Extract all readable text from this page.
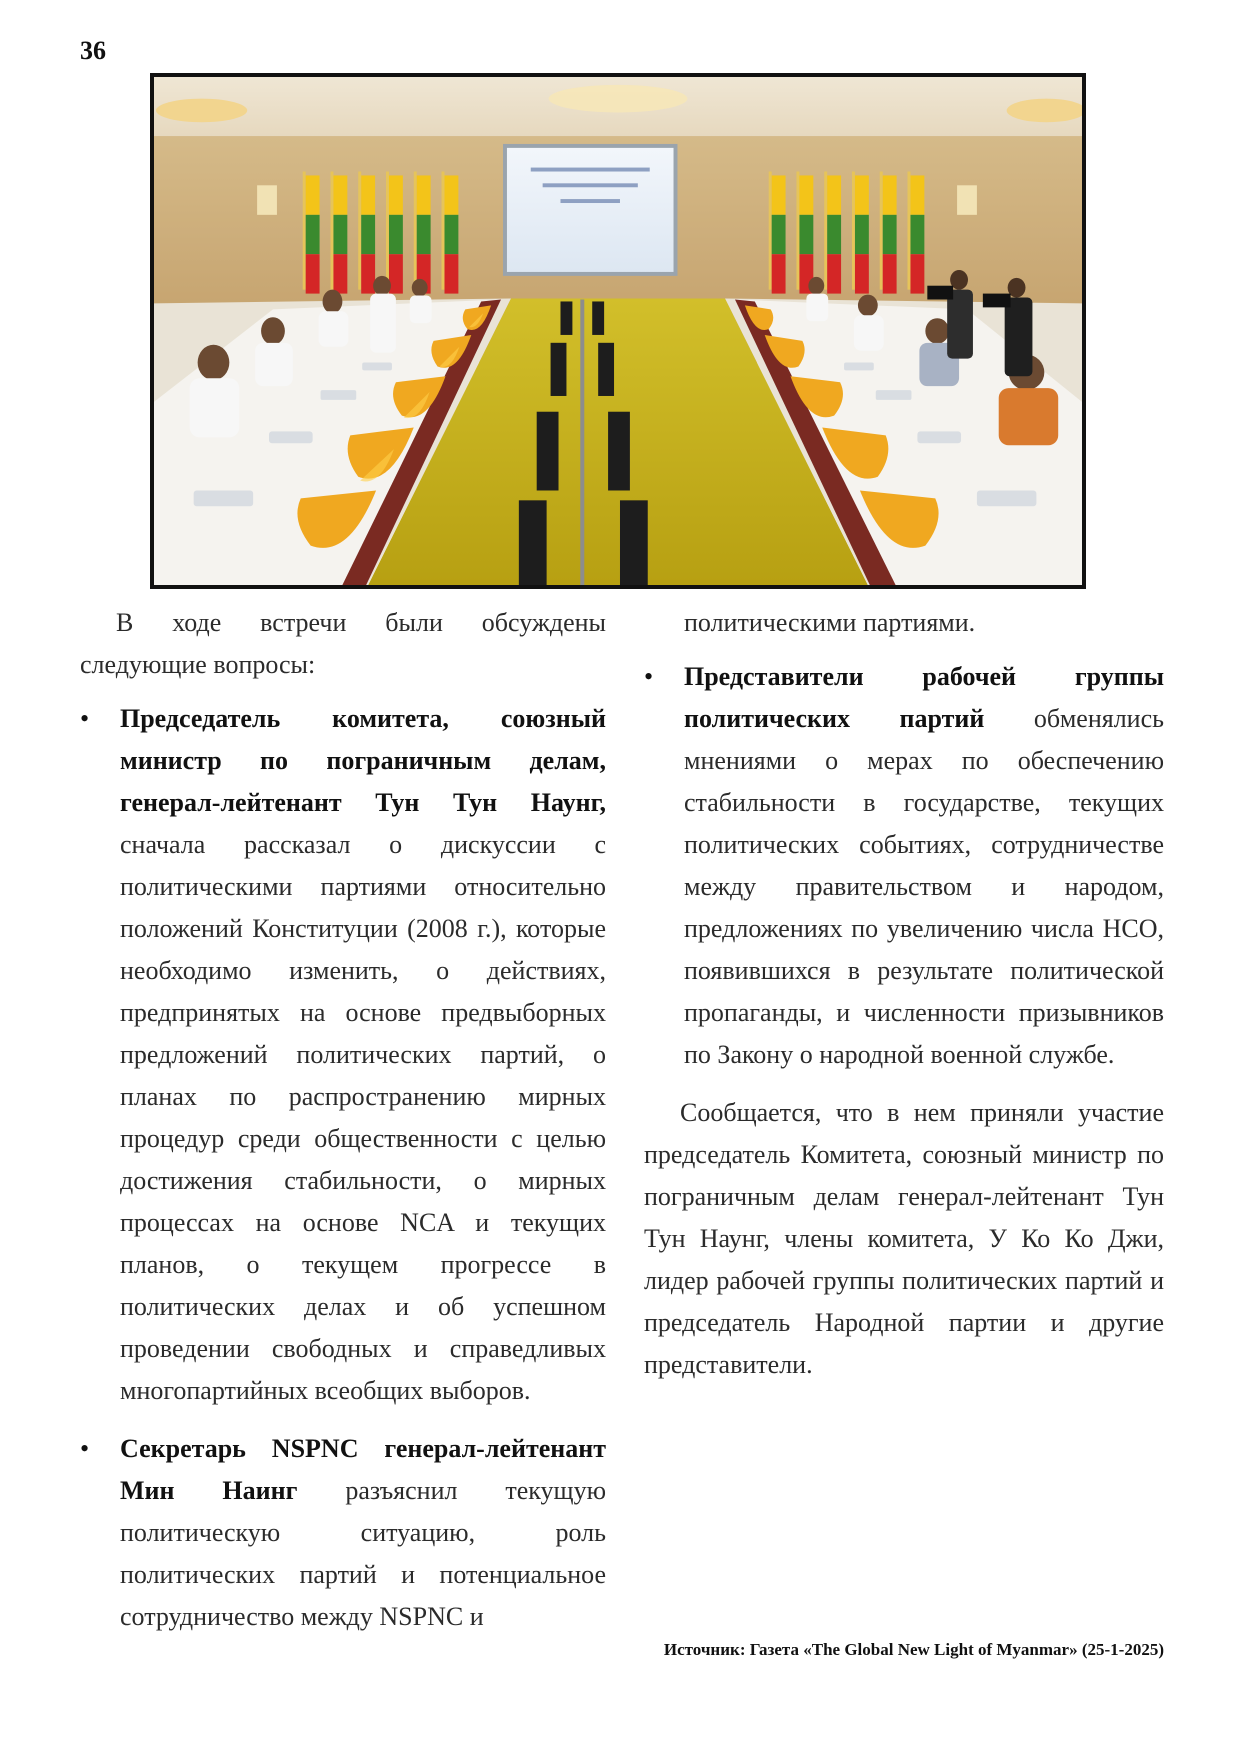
36

В ходе встречи были обсуждены следующие вопросы:

• Председатель комитета, союзный министр по пограничным делам, генерал-лейтенант Тун Тун Наунг, сначала рассказал о дискуссии с политическими партиями относительно положений Конституции (2008 г.), которые необходимо изменить, о действиях, предпринятых на основе предвыборных предложений политических партий, о планах по распространению мирных процедур среди общественности с целью достижения стабильности, о мирных процессах на основе NCA и текущих планов, о текущем прогрессе в политических делах и об успешном проведении свободных и справедливых многопартийных всеобщих выборов.
• Секретарь NSPNC генерал-лейтенант Мин Наинг разъяснил текущую политическую ситуацию, роль политических партий и потенциальное сотрудничество между NSPNC и

политическими партиями.

• Представители рабочей группы политических партий обменялись мнениями о мерах по обеспечению стабильности в государстве, текущих политических событиях, сотрудничестве между правительством и народом, предложениях по увеличению числа НСО, появившихся в результате политической пропаганды, и численности призывников по Закону о народной военной службе.

Сообщается, что в нем приняли участие председатель Комитета, союзный министр по пограничным делам генерал-лейтенант Тун Тун Наунг, члены комитета, У Ко Ко Джи, лидер рабочей группы политических партий и председатель Народной партии и другие представители.

Источник: Газета «The Global New Light of Myanmar» (25-1-2025)
